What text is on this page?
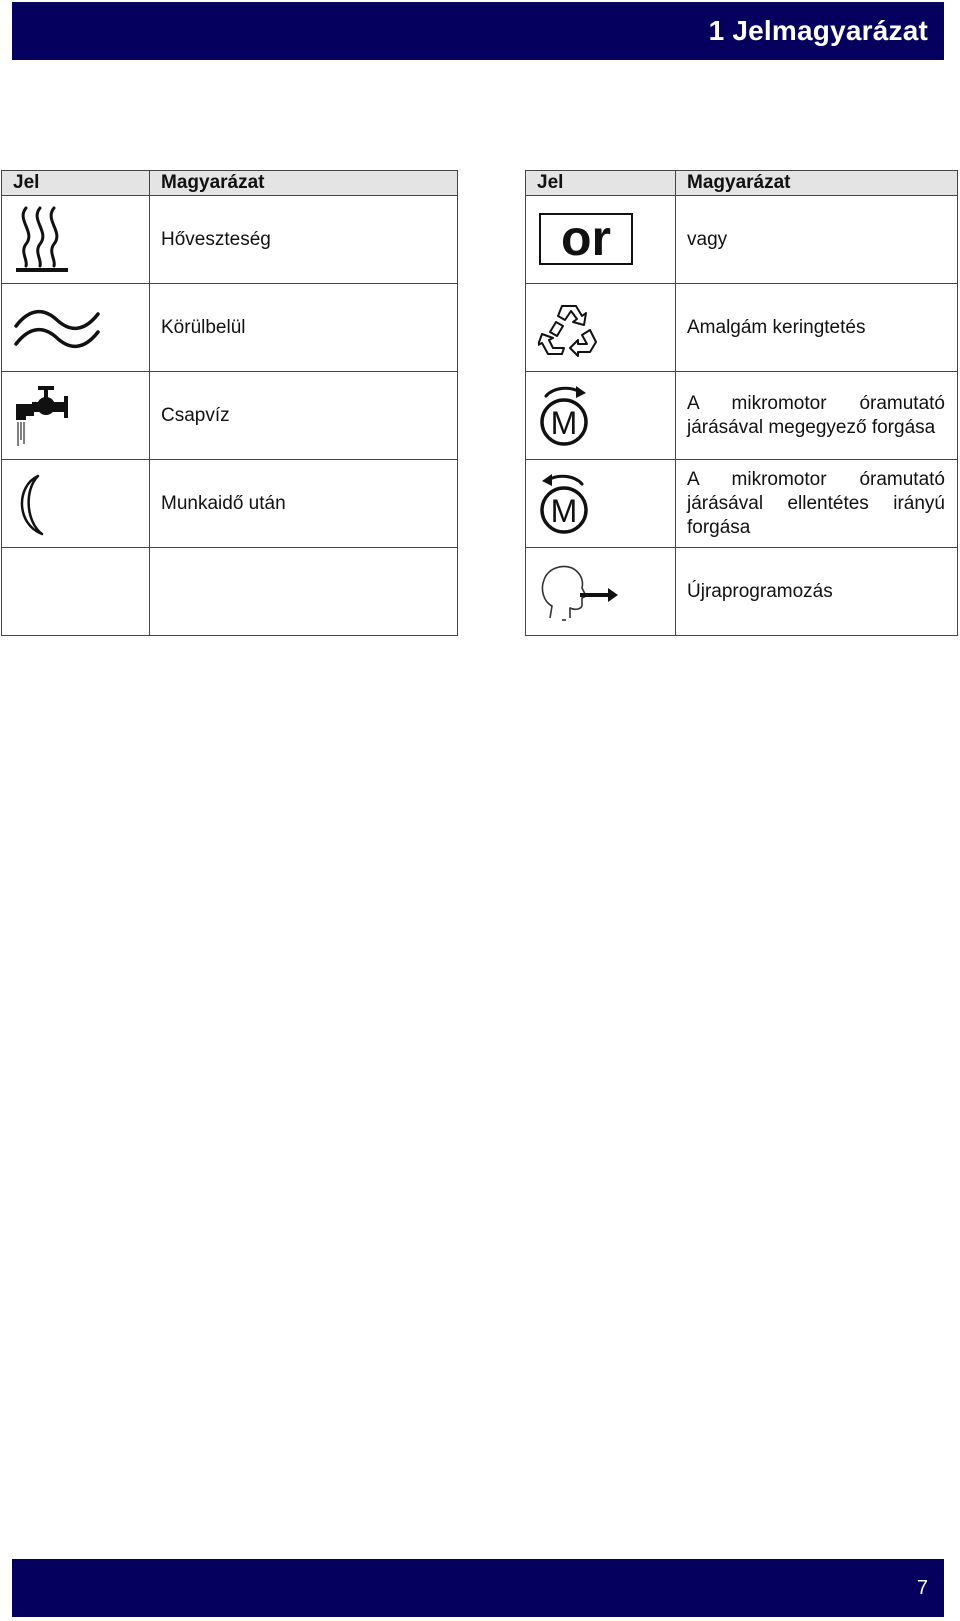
1 Jelmagyarázat
Jel	Magyarázat

	Hőveszteség

	Körülbelül

	Csapvíz

	Munkaidő után

Jel	Magyarázat

or	vagy

	Amalgám keringtetés

M	A mikromotor óramutató járásával megegyező forgása

M	A mikromotor óramutató járásával ellentétes irányú forgása

	Újraprogramozás
7
